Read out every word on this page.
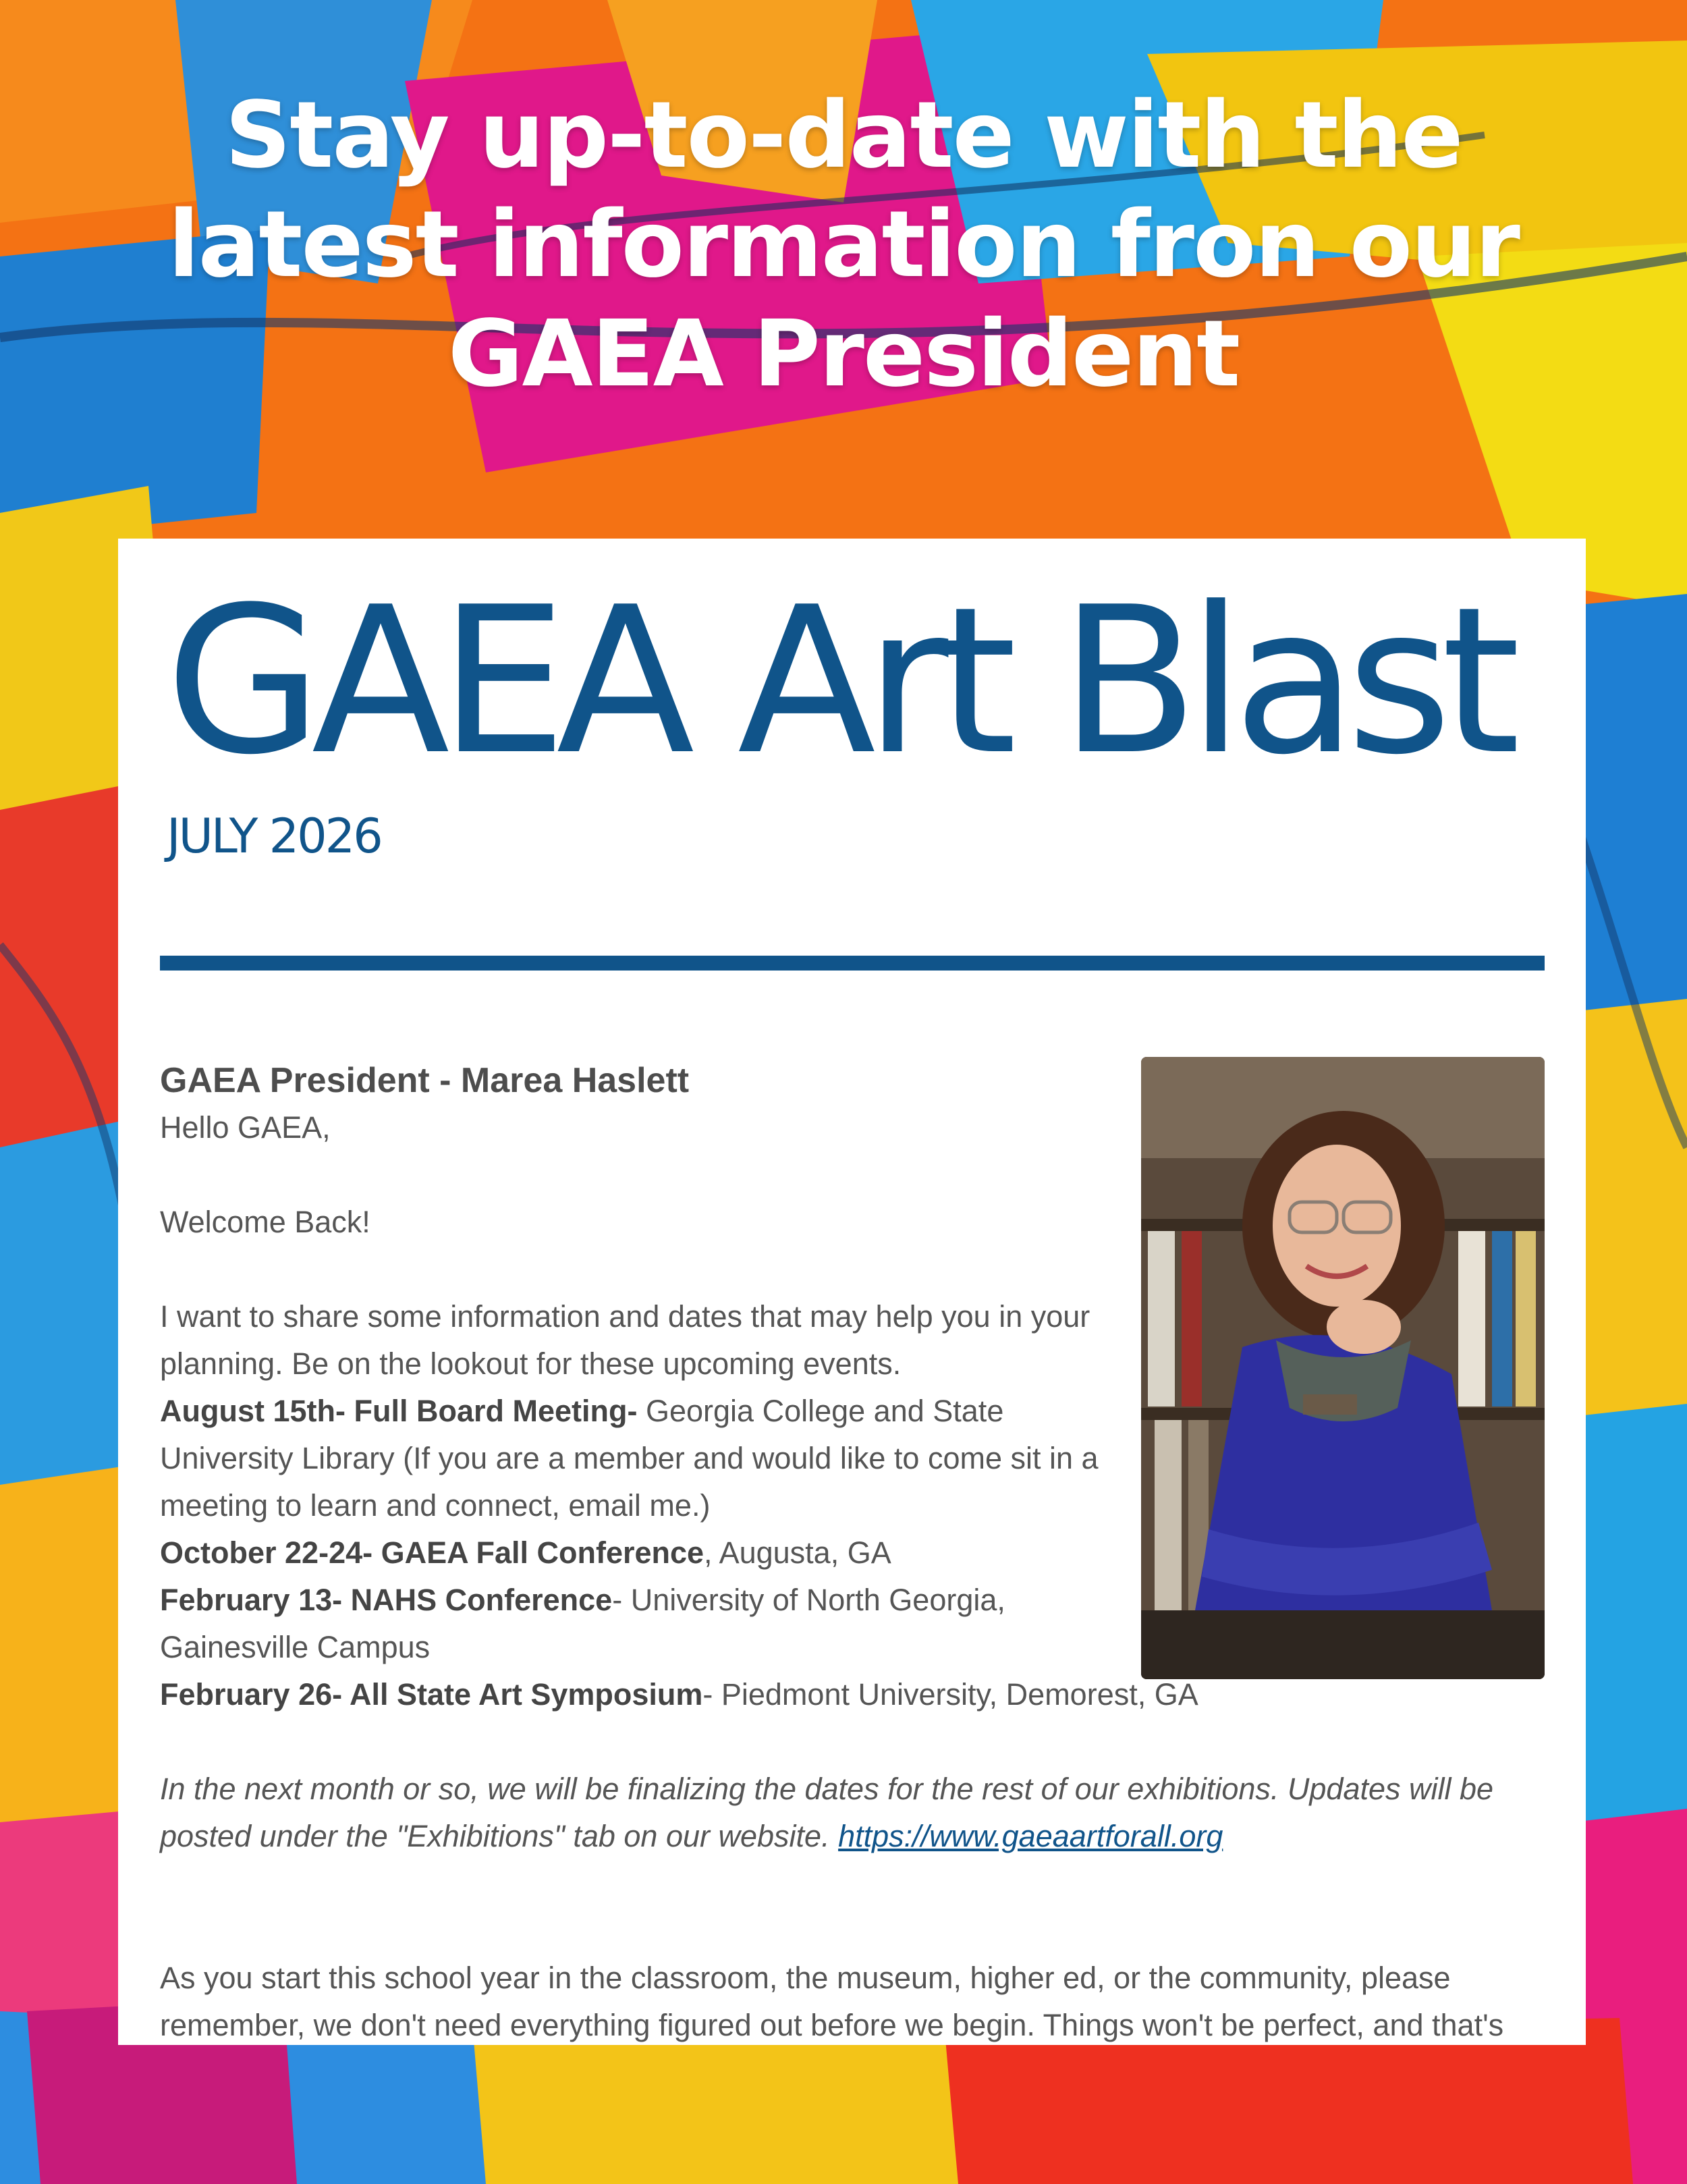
Stay up-to-date with the
latest information fron our
GAEA President
GAEA Art Blast
JULY 2026

GAEA President - Marea Haslett

Hello GAEA,

Welcome Back!

I want to share some information and dates that may help you in your planning. Be on the lookout for these upcoming events.

August 15th- Full Board Meeting- Georgia College and State University Library (If you are a member and would like to come sit in a meeting to learn and connect, email me.)

October 22-24- GAEA Fall Conference, Augusta, GA

February 13- NAHS Conference- University of North Georgia, Gainesville Campus

February 26- All State Art Symposium- Piedmont University, Demorest, GA

In the next month or so, we will be finalizing the dates for the rest of our exhibitions. Updates will be posted under the "Exhibitions" tab on our website. https://www.gaeaartforall.org

As you start this school year in the classroom, the museum, higher ed, or the community, please remember, we don't need everything figured out before we begin. Things won't be perfect, and that's
